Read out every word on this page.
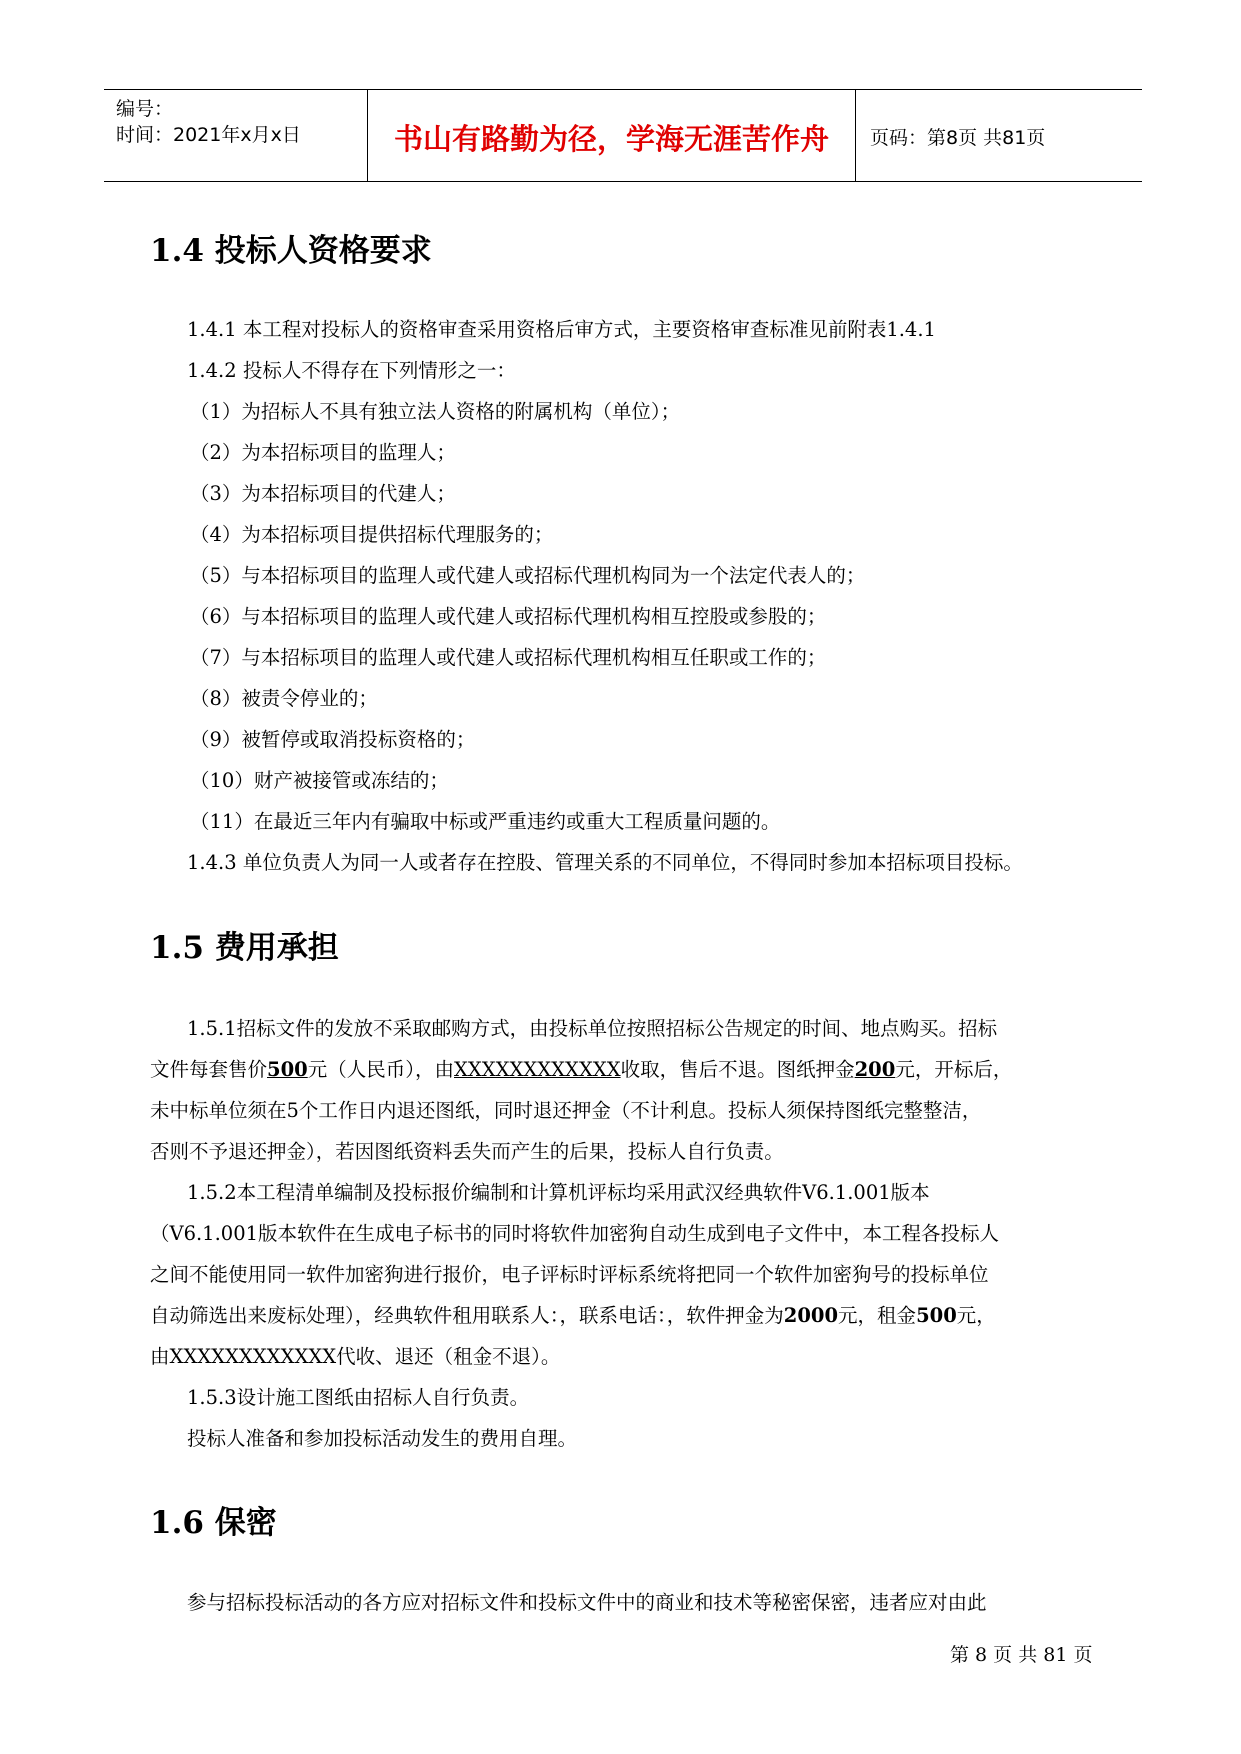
编号：
时间：2021年x月x日	书山有路勤为径，学海无涯苦作舟	页码：第8页 共81页
1.4 投标人资格要求
1.4.1 本工程对投标人的资格审查采用资格后审方式，主要资格审查标准见前附表1.4.1
1.4.2 投标人不得存在下列情形之一：
（1）为招标人不具有独立法人资格的附属机构（单位）；
（2）为本招标项目的监理人；
（3）为本招标项目的代建人；
（4）为本招标项目提供招标代理服务的；
（5）与本招标项目的监理人或代建人或招标代理机构同为一个法定代表人的；
（6）与本招标项目的监理人或代建人或招标代理机构相互控股或参股的；
（7）与本招标项目的监理人或代建人或招标代理机构相互任职或工作的；
（8）被责令停业的；
（9）被暂停或取消投标资格的；
（10）财产被接管或冻结的；
（11）在最近三年内有骗取中标或严重违约或重大工程质量问题的。
1.4.3 单位负责人为同一人或者存在控股、管理关系的不同单位，不得同时参加本招标项目投标。
1.5 费用承担
1.5.1招标文件的发放不采取邮购方式，由投标单位按照招标公告规定的时间、地点购买。招标
文件每套售价500元（人民币），由XXXXXXXXXXXX收取，售后不退。图纸押金200元，开标后，
未中标单位须在5个工作日内退还图纸，同时退还押金（不计利息。投标人须保持图纸完整整洁，
否则不予退还押金），若因图纸资料丢失而产生的后果，投标人自行负责。
1.5.2本工程清单编制及投标报价编制和计算机评标均采用武汉经典软件V6.1.001版本
（V6.1.001版本软件在生成电子标书的同时将软件加密狗自动生成到电子文件中，本工程各投标人
之间不能使用同一软件加密狗进行报价，电子评标时评标系统将把同一个软件加密狗号的投标单位
自动筛选出来废标处理），经典软件租用联系人：，联系电话：，软件押金为2000元，租金500元，
由XXXXXXXXXXXX代收、退还（租金不退）。
1.5.3设计施工图纸由招标人自行负责。
投标人准备和参加投标活动发生的费用自理。
1.6 保密
参与招标投标活动的各方应对招标文件和投标文件中的商业和技术等秘密保密，违者应对由此
第 8 页 共 81 页
